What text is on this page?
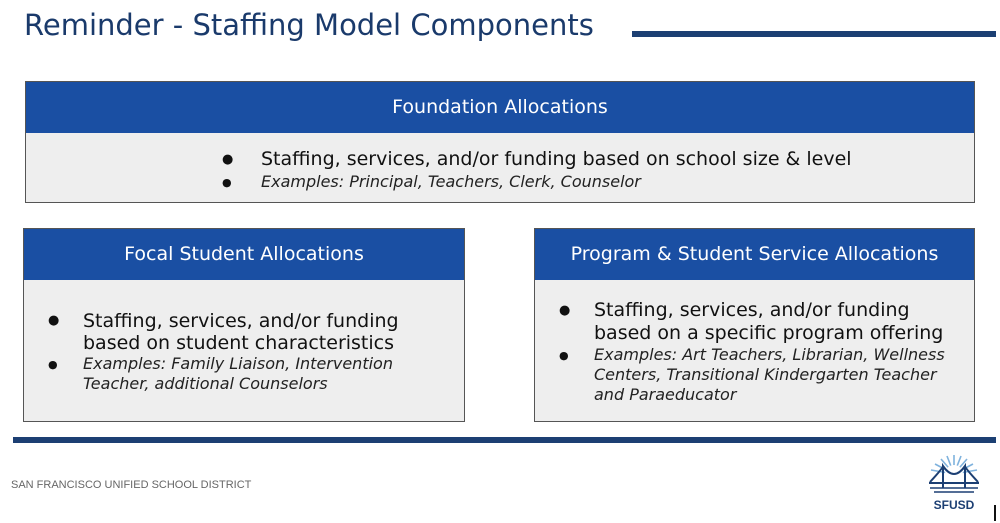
Reminder - Staffing Model Components
Foundation Allocations
● Staffing, services, and/or funding based on school size & level
● Examples: Principal, Teachers, Clerk, Counselor
Focal Student Allocations
● Staffing, services, and/or funding based on student characteristics
● Examples: Family Liaison, Intervention Teacher, additional Counselors
Program & Student Service Allocations
● Staffing, services, and/or funding based on a specific program offering
● Examples: Art Teachers, Librarian, Wellness Centers, Transitional Kindergarten Teacher and Paraeducator
SAN FRANCISCO UNIFIED SCHOOL DISTRICT
SFUSD
